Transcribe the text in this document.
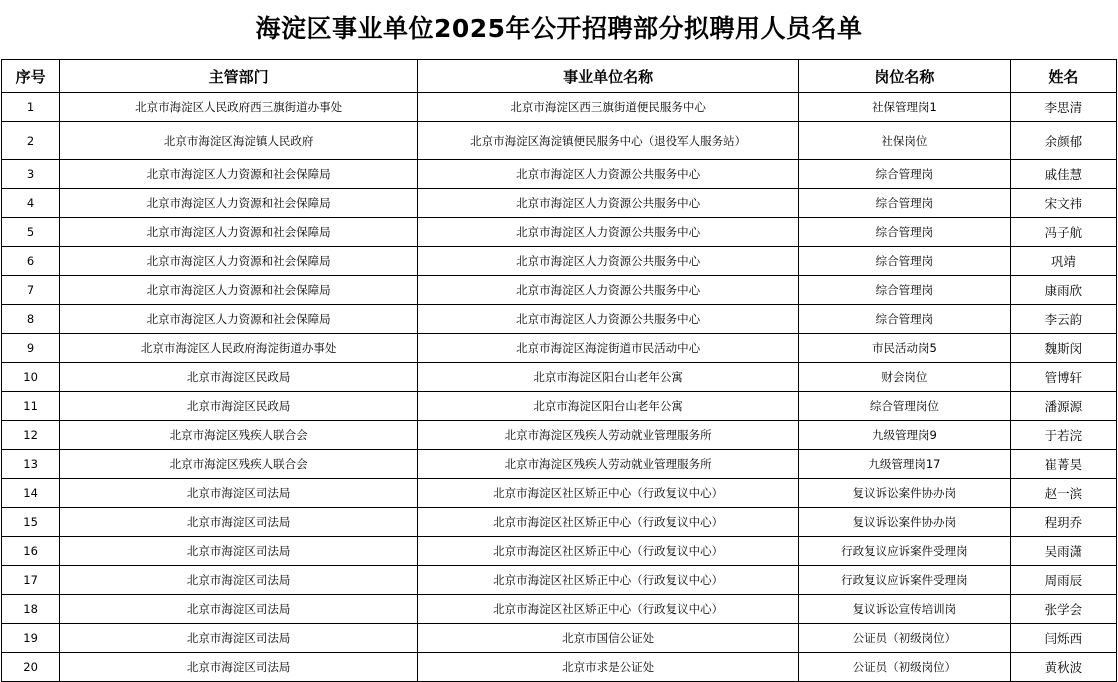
海淀区事业单位2025年公开招聘部分拟聘用人员名单
序号	主管部门	事业单位名称	岗位名称	姓名
1	北京市海淀区人民政府西三旗街道办事处	北京市海淀区西三旗街道便民服务中心	社保管理岗1	李思清
2	北京市海淀区海淀镇人民政府	北京市海淀区海淀镇便民服务中心（退役军人服务站）	社保岗位	余颜郁
3	北京市海淀区人力资源和社会保障局	北京市海淀区人力资源公共服务中心	综合管理岗	戚佳慧
4	北京市海淀区人力资源和社会保障局	北京市海淀区人力资源公共服务中心	综合管理岗	宋文祎
5	北京市海淀区人力资源和社会保障局	北京市海淀区人力资源公共服务中心	综合管理岗	冯子航
6	北京市海淀区人力资源和社会保障局	北京市海淀区人力资源公共服务中心	综合管理岗	巩靖
7	北京市海淀区人力资源和社会保障局	北京市海淀区人力资源公共服务中心	综合管理岗	康雨欣
8	北京市海淀区人力资源和社会保障局	北京市海淀区人力资源公共服务中心	综合管理岗	李云韵
9	北京市海淀区人民政府海淀街道办事处	北京市海淀区海淀街道市民活动中心	市民活动岗5	魏斯闵
10	北京市海淀区民政局	北京市海淀区阳台山老年公寓	财会岗位	管博轩
11	北京市海淀区民政局	北京市海淀区阳台山老年公寓	综合管理岗位	潘源源
12	北京市海淀区残疾人联合会	北京市海淀区残疾人劳动就业管理服务所	九级管理岗9	于若浣
13	北京市海淀区残疾人联合会	北京市海淀区残疾人劳动就业管理服务所	九级管理岗17	崔菁昊
14	北京市海淀区司法局	北京市海淀区社区矫正中心（行政复议中心）	复议诉讼案件协办岗	赵一滨
15	北京市海淀区司法局	北京市海淀区社区矫正中心（行政复议中心）	复议诉讼案件协办岗	程玥乔
16	北京市海淀区司法局	北京市海淀区社区矫正中心（行政复议中心）	行政复议应诉案件受理岗	吴雨潇
17	北京市海淀区司法局	北京市海淀区社区矫正中心（行政复议中心）	行政复议应诉案件受理岗	周雨辰
18	北京市海淀区司法局	北京市海淀区社区矫正中心（行政复议中心）	复议诉讼宣传培训岗	张学会
19	北京市海淀区司法局	北京市国信公证处	公证员（初级岗位）	闫烁西
20	北京市海淀区司法局	北京市求是公证处	公证员（初级岗位）	黄秋波
